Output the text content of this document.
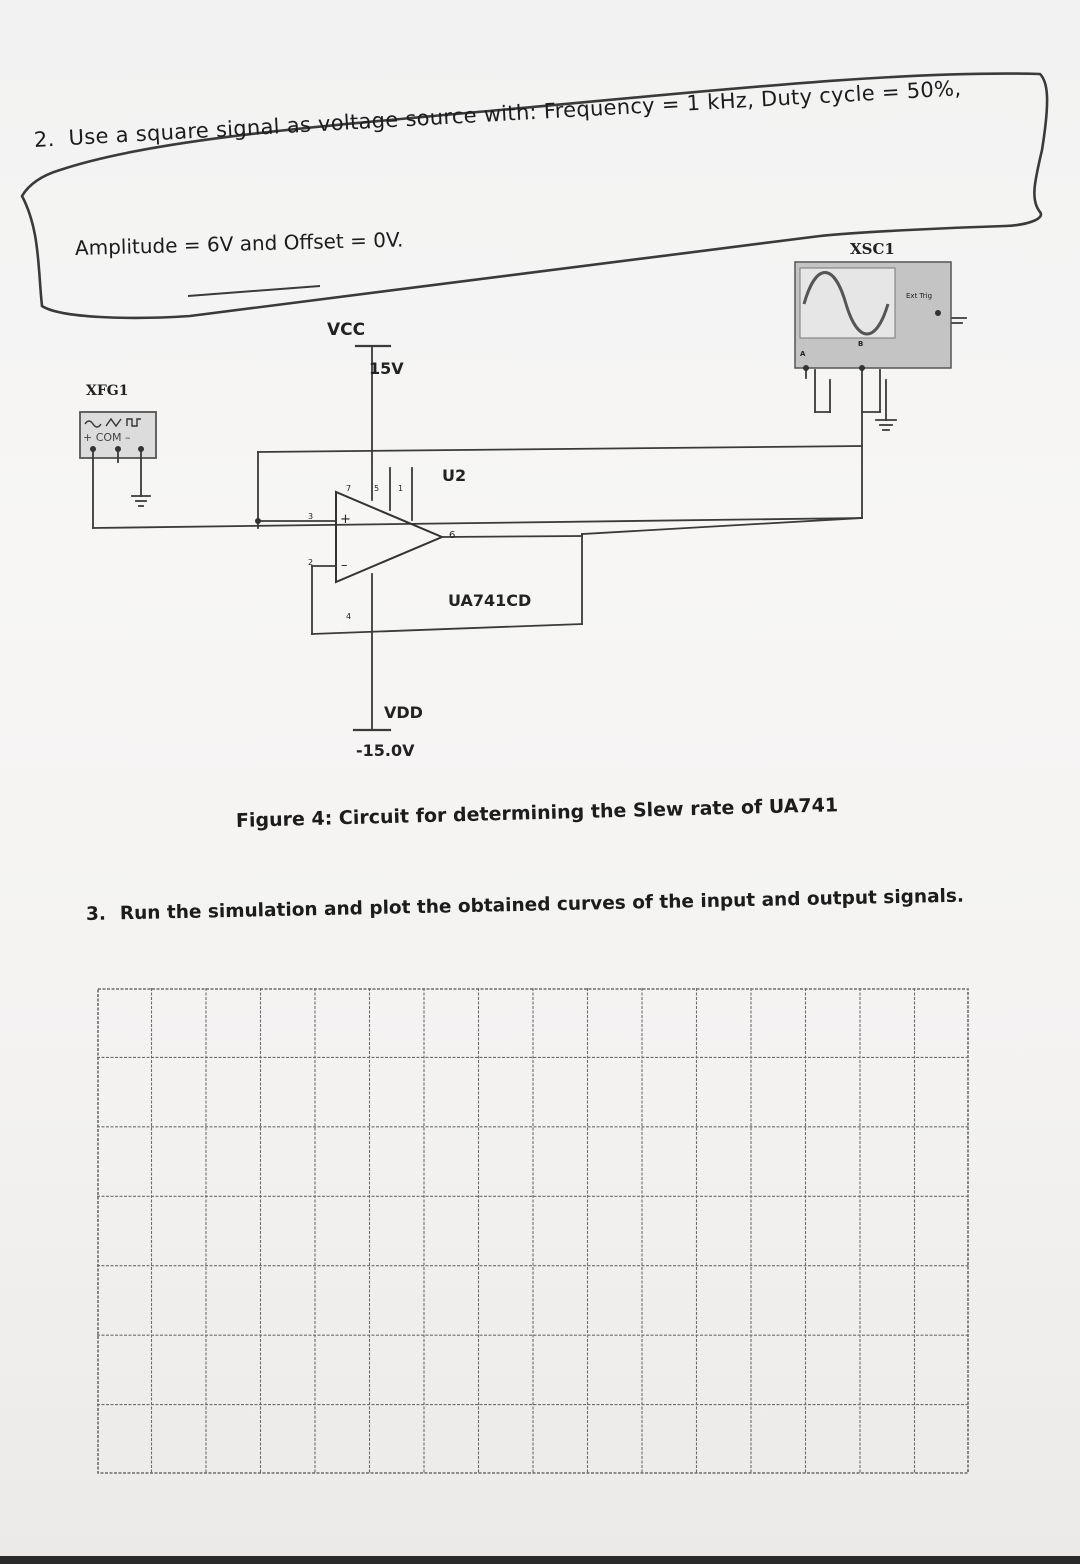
2. Use a square signal as voltage source with: Frequency = 1 kHz, Duty cycle = 50%,
Amplitude = 6V and Offset = 0V.
XFG1
+ COM –
VCC
15V
U2
UA741CD
VDD
-15.0V
XSC1
Ext Trig
A
B
3
2
6
7
4
5 1
+
–
Figure 4: Circuit for determining the Slew rate of UA741
3. Run the simulation and plot the obtained curves of the input and output signals.
